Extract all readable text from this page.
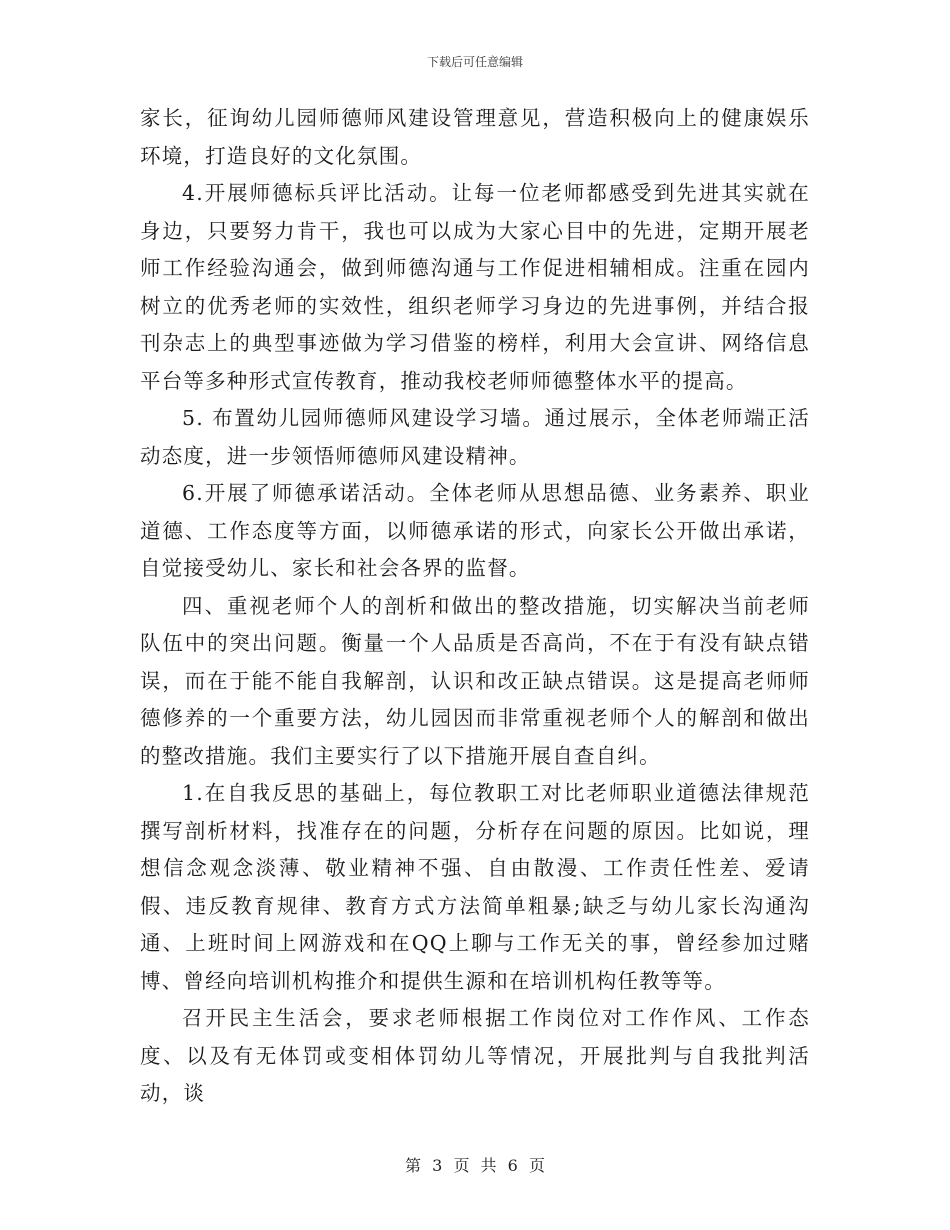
下载后可任意编辑

家长，征询幼儿园师德师风建设管理意见，营造积极向上的健康娱乐环境，打造良好的文化氛围。

4.开展师德标兵评比活动。让每一位老师都感受到先进其实就在身边，只要努力肯干，我也可以成为大家心目中的先进，定期开展老师工作经验沟通会，做到师德沟通与工作促进相辅相成。注重在园内树立的优秀老师的实效性，组织老师学习身边的先进事例，并结合报刊杂志上的典型事迹做为学习借鉴的榜样，利用大会宣讲、网络信息平台等多种形式宣传教育，推动我校老师师德整体水平的提高。

5. 布置幼儿园师德师风建设学习墙。通过展示，全体老师端正活动态度，进一步领悟师德师风建设精神。

6.开展了师德承诺活动。全体老师从思想品德、业务素养、职业道德、工作态度等方面，以师德承诺的形式，向家长公开做出承诺，自觉接受幼儿、家长和社会各界的监督。

四、重视老师个人的剖析和做出的整改措施，切实解决当前老师队伍中的突出问题。衡量一个人品质是否高尚，不在于有没有缺点错误，而在于能不能自我解剖，认识和改正缺点错误。这是提高老师师德修养的一个重要方法，幼儿园因而非常重视老师个人的解剖和做出的整改措施。我们主要实行了以下措施开展自查自纠。

1.在自我反思的基础上，每位教职工对比老师职业道德法律规范撰写剖析材料，找准存在的问题，分析存在问题的原因。比如说，理想信念观念淡薄、敬业精神不强、自由散漫、工作责任性差、爱请假、违反教育规律、教育方式方法简单粗暴;缺乏与幼儿家长沟通沟通、上班时间上网游戏和在QQ上聊与工作无关的事，曾经参加过赌博、曾经向培训机构推介和提供生源和在培训机构任教等等。

召开民主生活会，要求老师根据工作岗位对工作作风、工作态度、以及有无体罚或变相体罚幼儿等情况，开展批判与自我批判活动，谈

第 3 页 共 6 页
